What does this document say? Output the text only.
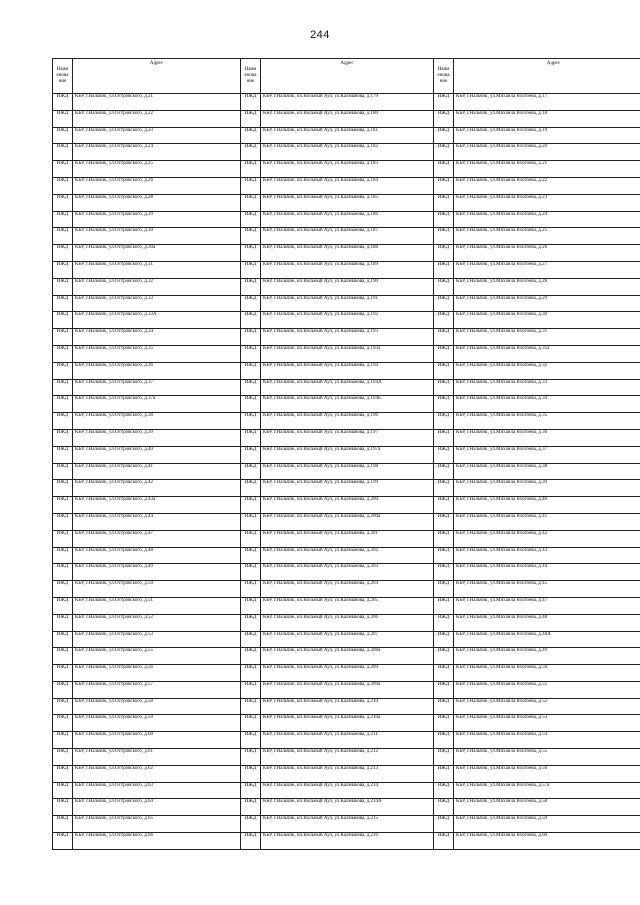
244
Наим енова ние	Адрес	Наим енова ние	Адрес	Наим енова ние	Адрес
ИЖД	КБР, г.Нальчик, ул.Островского, д.21	ИЖД	КБР, г.Нальчик, кп.Вольный Аул, ул.Калмыкова, д.179	ИЖД	КБР, г.Нальчик, ул.Михаила Яхогоева, д.17
ИЖД	КБР, г.Нальчик, ул.Островского, д.22	ИЖД	КБР, г.Нальчик, кп.Вольный Аул, ул.Калмыкова, д.180	ИЖД	КБР, г.Нальчик, ул.Михаила Яхогоева, д.18
ИЖД	КБР, г.Нальчик, ул.Островского, д.23	ИЖД	КБР, г.Нальчик, кп.Вольный Аул, ул.Калмыкова, д.181	ИЖД	КБР, г.Нальчик, ул.Михаила Яхогоева, д.19
ИЖД	КБР, г.Нальчик, ул.Островского, д.24	ИЖД	КБР, г.Нальчик, кп.Вольный Аул, ул.Калмыкова, д.182	ИЖД	КБР, г.Нальчик, ул.Михаила Яхогоева, д.20
ИЖД	КБР, г.Нальчик, ул.Островского, д.25	ИЖД	КБР, г.Нальчик, кп.Вольный Аул, ул.Калмыкова, д.183	ИЖД	КБР, г.Нальчик, ул.Михаила Яхогоева, д.21
ИЖД	КБР, г.Нальчик, ул.Островского, д.26	ИЖД	КБР, г.Нальчик, кп.Вольный Аул, ул.Калмыкова, д.184	ИЖД	КБР, г.Нальчик, ул.Михаила Яхогоева, д.22
ИЖД	КБР, г.Нальчик, ул.Островского, д.28	ИЖД	КБР, г.Нальчик, кп.Вольный Аул, ул.Калмыкова, д.185	ИЖД	КБР, г.Нальчик, ул.Михаила Яхогоева, д.23
ИЖД	КБР, г.Нальчик, ул.Островского, д.29	ИЖД	КБР, г.Нальчик, кп.Вольный Аул, ул.Калмыкова, д.186	ИЖД	КБР, г.Нальчик, ул.Михаила Яхогоева, д.24
ИЖД	КБР, г.Нальчик, ул.Островского, д.30	ИЖД	КБР, г.Нальчик, кп.Вольный Аул, ул.Калмыкова, д.187	ИЖД	КБР, г.Нальчик, ул.Михаила Яхогоева, д.25
ИЖД	КБР, г.Нальчик, ул.Островского, д.30а	ИЖД	КБР, г.Нальчик, кп.Вольный Аул, ул.Калмыкова, д.188	ИЖД	КБР, г.Нальчик, ул.Михаила Яхогоева, д.26
ИЖД	КБР, г.Нальчик, ул.Островского, д.31	ИЖД	КБР, г.Нальчик, кп.Вольный Аул, ул.Калмыкова, д.189	ИЖД	КБР, г.Нальчик, ул.Михаила Яхогоева, д.27
ИЖД	КБР, г.Нальчик, ул.Островского, д.32	ИЖД	КБР, г.Нальчик, кп.Вольный Аул, ул.Калмыкова, д.190	ИЖД	КБР, г.Нальчик, ул.Михаила Яхогоева, д.28
ИЖД	КБР, г.Нальчик, ул.Островского, д.33	ИЖД	КБР, г.Нальчик, кп.Вольный Аул, ул.Калмыкова, д.191	ИЖД	КБР, г.Нальчик, ул.Михаила Яхогоева, д.29
ИЖД	КБР, г.Нальчик, ул.Островского, д.33А	ИЖД	КБР, г.Нальчик, кп.Вольный Аул, ул.Калмыкова, д.192	ИЖД	КБР, г.Нальчик, ул.Михаила Яхогоева, д.30
ИЖД	КБР, г.Нальчик, ул.Островского, д.34	ИЖД	КБР, г.Нальчик, кп.Вольный Аул, ул.Калмыкова, д.193	ИЖД	КБР, г.Нальчик, ул.Михаила Яхогоева, д.31
ИЖД	КБР, г.Нальчик, ул.Островского, д.35	ИЖД	КБР, г.Нальчик, кп.Вольный Аул, ул.Калмыкова, д.193а	ИЖД	КБР, г.Нальчик, ул.Михаила Яхогоева, д.31а
ИЖД	КБР, г.Нальчик, ул.Островского, д.36	ИЖД	КБР, г.Нальчик, кп.Вольный Аул, ул.Калмыкова, д.194	ИЖД	КБР, г.Нальчик, ул.Михаила Яхогоева, д.32
ИЖД	КБР, г.Нальчик, ул.Островского, д.37	ИЖД	КБР, г.Нальчик, кп.Вольный Аул, ул.Калмыкова, д.194А	ИЖД	КБР, г.Нальчик, ул.Михаила Яхогоева, д.33
ИЖД	КБР, г.Нальчик, ул.Островского, д.37а	ИЖД	КБР, г.Нальчик, кп.Вольный Аул, ул.Калмыкова, д.194Б	ИЖД	КБР, г.Нальчик, ул.Михаила Яхогоева, д.34
ИЖД	КБР, г.Нальчик, ул.Островского, д.38	ИЖД	КБР, г.Нальчик, кп.Вольный Аул, ул.Калмыкова, д.196	ИЖД	КБР, г.Нальчик, ул.Михаила Яхогоева, д.35
ИЖД	КБР, г.Нальчик, ул.Островского, д.39	ИЖД	КБР, г.Нальчик, кп.Вольный Аул, ул.Калмыкова, д.197	ИЖД	КБР, г.Нальчик, ул.Михаила Яхогоева, д.36
ИЖД	КБР, г.Нальчик, ул.Островского, д.40	ИЖД	КБР, г.Нальчик, кп.Вольный Аул, ул.Калмыкова, д.197а	ИЖД	КБР, г.Нальчик, ул.Михаила Яхогоева, д.37
ИЖД	КБР, г.Нальчик, ул.Островского, д.41	ИЖД	КБР, г.Нальчик, кп.Вольный Аул, ул.Калмыкова, д.198	ИЖД	КБР, г.Нальчик, ул.Михаила Яхогоева, д.38
ИЖД	КБР, г.Нальчик, ул.Островского, д.42	ИЖД	КБР, г.Нальчик, кп.Вольный Аул, ул.Калмыкова, д.199	ИЖД	КБР, г.Нальчик, ул.Михаила Яхогоева, д.39
ИЖД	КБР, г.Нальчик, ул.Островского, д.43а	ИЖД	КБР, г.Нальчик, кп.Вольный Аул, ул.Калмыкова, д.200	ИЖД	КБР, г.Нальчик, ул.Михаила Яхогоева, д.40
ИЖД	КБР, г.Нальчик, ул.Островского, д.44	ИЖД	КБР, г.Нальчик, кп.Вольный Аул, ул.Калмыкова, д.200а	ИЖД	КБР, г.Нальчик, ул.Михаила Яхогоева, д.41
ИЖД	КБР, г.Нальчик, ул.Островского, д.47	ИЖД	КБР, г.Нальчик, кп.Вольный Аул, ул.Калмыкова, д.201	ИЖД	КБР, г.Нальчик, ул.Михаила Яхогоева, д.42
ИЖД	КБР, г.Нальчик, ул.Островского, д.48	ИЖД	КБР, г.Нальчик, кп.Вольный Аул, ул.Калмыкова, д.202	ИЖД	КБР, г.Нальчик, ул.Михаила Яхогоева, д.43
ИЖД	КБР, г.Нальчик, ул.Островского, д.49	ИЖД	КБР, г.Нальчик, кп.Вольный Аул, ул.Калмыкова, д.203	ИЖД	КБР, г.Нальчик, ул.Михаила Яхогоева, д.44
ИЖД	КБР, г.Нальчик, ул.Островского, д.50	ИЖД	КБР, г.Нальчик, кп.Вольный Аул, ул.Калмыкова, д.204	ИЖД	КБР, г.Нальчик, ул.Михаила Яхогоева, д.45
ИЖД	КБР, г.Нальчик, ул.Островского, д.51	ИЖД	КБР, г.Нальчик, кп.Вольный Аул, ул.Калмыкова, д.205	ИЖД	КБР, г.Нальчик, ул.Михаила Яхогоева, д.47
ИЖД	КБР, г.Нальчик, ул.Островского, д.52	ИЖД	КБР, г.Нальчик, кп.Вольный Аул, ул.Калмыкова, д.206	ИЖД	КБР, г.Нальчик, ул.Михаила Яхогоева, д.48
ИЖД	КБР, г.Нальчик, ул.Островского, д.53	ИЖД	КБР, г.Нальчик, кп.Вольный Аул, ул.Калмыкова, д.207	ИЖД	КБР, г.Нальчик, ул.Михаила Яхогоева, д.48А
ИЖД	КБР, г.Нальчик, ул.Островского, д.55	ИЖД	КБР, г.Нальчик, кп.Вольный Аул, ул.Калмыкова, д.208а	ИЖД	КБР, г.Нальчик, ул.Михаила Яхогоева, д.49
ИЖД	КБР, г.Нальчик, ул.Островского, д.56	ИЖД	КБР, г.Нальчик, кп.Вольный Аул, ул.Калмыкова, д.209	ИЖД	КБР, г.Нальчик, ул.Михаила Яхогоева, д.50
ИЖД	КБР, г.Нальчик, ул.Островского, д.57	ИЖД	КБР, г.Нальчик, кп.Вольный Аул, ул.Калмыкова, д.209а	ИЖД	КБР, г.Нальчик, ул.Михаила Яхогоева, д.51
ИЖД	КБР, г.Нальчик, ул.Островского, д.58	ИЖД	КБР, г.Нальчик, кп.Вольный Аул, ул.Калмыкова, д.210	ИЖД	КБР, г.Нальчик, ул.Михаила Яхогоева, д.52
ИЖД	КБР, г.Нальчик, ул.Островского, д.59	ИЖД	КБР, г.Нальчик, кп.Вольный Аул, ул.Калмыкова, д.210а	ИЖД	КБР, г.Нальчик, ул.Михаила Яхогоева, д.53
ИЖД	КБР, г.Нальчик, ул.Островского, д.60	ИЖД	КБР, г.Нальчик, кп.Вольный Аул, ул.Калмыкова, д.211	ИЖД	КБР, г.Нальчик, ул.Михаила Яхогоева, д.54
ИЖД	КБР, г.Нальчик, ул.Островского, д.61	ИЖД	КБР, г.Нальчик, кп.Вольный Аул, ул.Калмыкова, д.212	ИЖД	КБР, г.Нальчик, ул.Михаила Яхогоева, д.55
ИЖД	КБР, г.Нальчик, ул.Островского, д.62	ИЖД	КБР, г.Нальчик, кп.Вольный Аул, ул.Калмыкова, д.213	ИЖД	КБР, г.Нальчик, ул.Михаила Яхогоева, д.56
ИЖД	КБР, г.Нальчик, ул.Островского, д.63	ИЖД	КБР, г.Нальчик, кп.Вольный Аул, ул.Калмыкова, д.214	ИЖД	КБР, г.Нальчик, ул.Михаила Яхогоева, д.57а
ИЖД	КБР, г.Нальчик, ул.Островского, д.64	ИЖД	КБР, г.Нальчик, кп.Вольный Аул, ул.Калмыкова, д.214А	ИЖД	КБР, г.Нальчик, ул.Михаила Яхогоева, д.58
ИЖД	КБР, г.Нальчик, ул.Островского, д.65	ИЖД	КБР, г.Нальчик, кп.Вольный Аул, ул.Калмыкова, д.215	ИЖД	КБР, г.Нальчик, ул.Михаила Яхогоева, д.59
ИЖД	КБР, г.Нальчик, ул.Островского, д.66	ИЖД	КБР, г.Нальчик, кп.Вольный Аул, ул.Калмыкова, д.216	ИЖД	КБР, г.Нальчик, ул.Михаила Яхогоева, д.60
